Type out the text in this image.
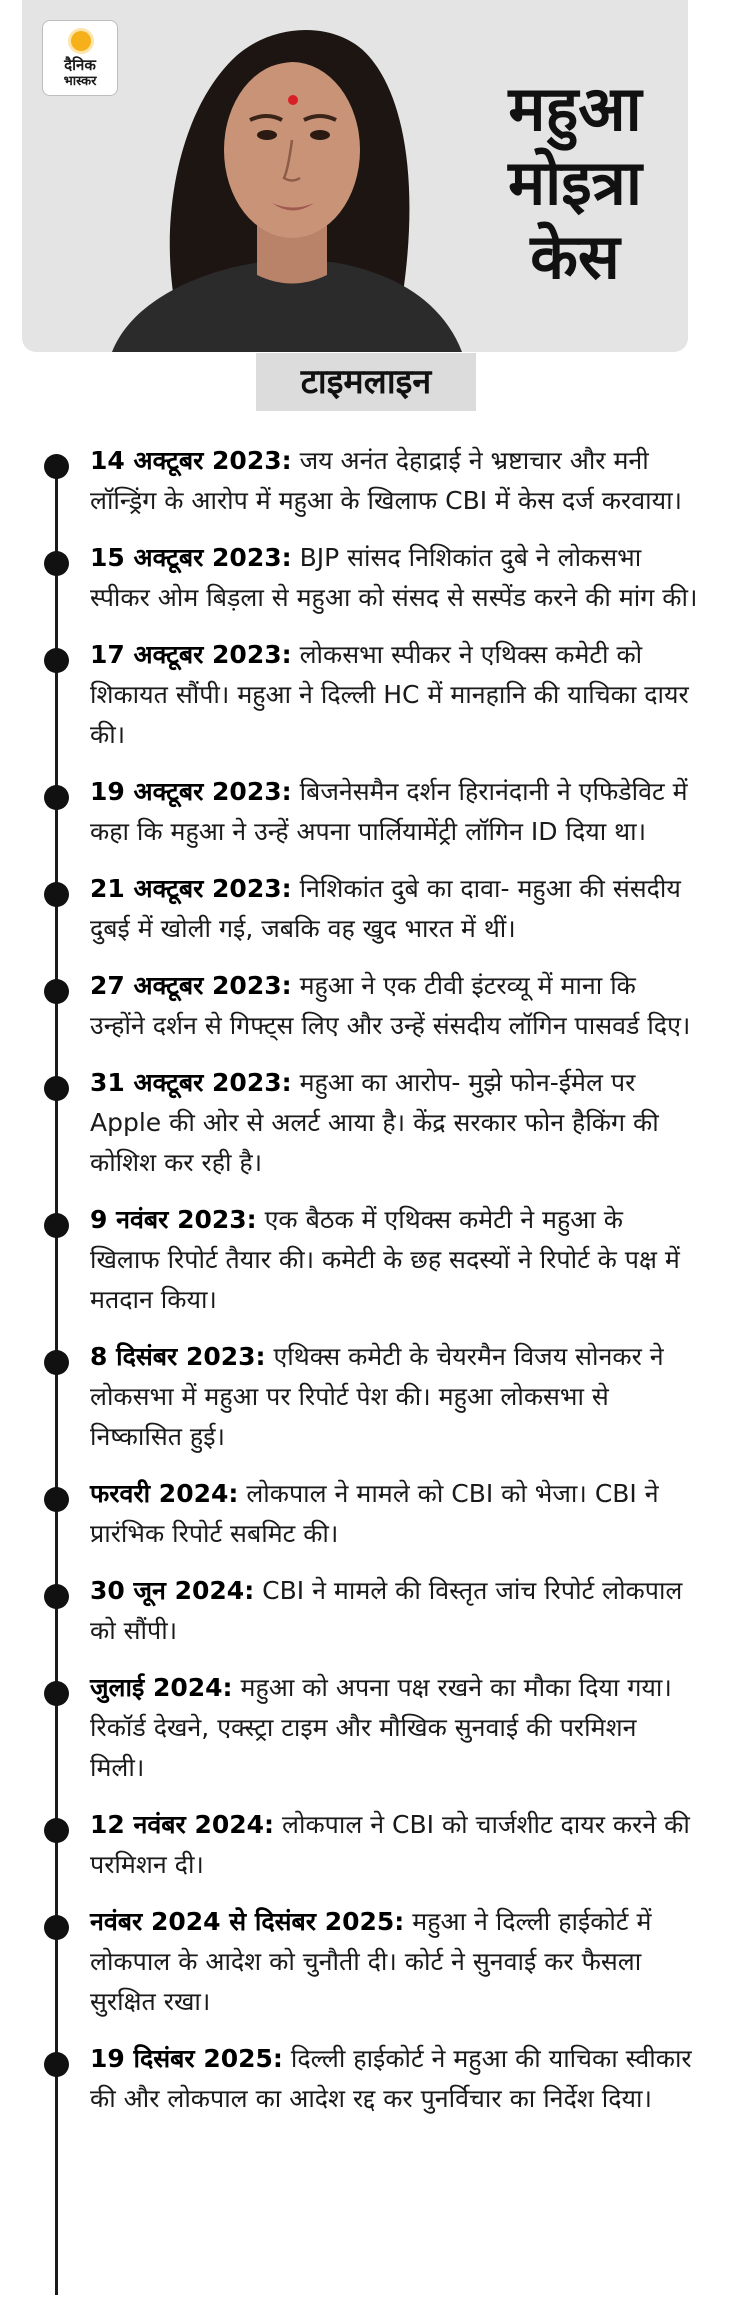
दैनिक
भास्कर	महुआ
मोइत्रा
केस
टाइमलाइन
14 अक्टूबर 2023: जय अनंत देहाद्राई ने भ्रष्टाचार और मनी लॉन्ड्रिंग के आरोप में महुआ के खिलाफ CBI में केस दर्ज करवाया।
15 अक्टूबर 2023: BJP सांसद निशिकांत दुबे ने लोकसभा स्पीकर ओम बिड़ला से महुआ को संसद से सस्पेंड करने की मांग की।
17 अक्टूबर 2023: लोकसभा स्पीकर ने एथिक्स कमेटी को शिकायत सौंपी। महुआ ने दिल्ली HC में मानहानि की याचिका दायर की।
19 अक्टूबर 2023: बिजनेसमैन दर्शन हिरानंदानी ने एफिडेविट में कहा कि महुआ ने उन्हें अपना पार्लियामेंट्री लॉगिन ID दिया था।
21 अक्टूबर 2023: निशिकांत दुबे का दावा- महुआ की संसदीय दुबई में खोली गई, जबकि वह खुद भारत में थीं।
27 अक्टूबर 2023: महुआ ने एक टीवी इंटरव्यू में माना कि उन्होंने दर्शन से गिफ्ट्स लिए और उन्हें संसदीय लॉगिन पासवर्ड दिए।
31 अक्टूबर 2023: महुआ का आरोप- मुझे फोन-ईमेल पर Apple की ओर से अलर्ट आया है। केंद्र सरकार फोन हैकिंग की कोशिश कर रही है।
9 नवंबर 2023: एक बैठक में एथिक्स कमेटी ने महुआ के खिलाफ रिपोर्ट तैयार की। कमेटी के छह सदस्यों ने रिपोर्ट के पक्ष में मतदान किया।
8 दिसंबर 2023: एथिक्स कमेटी के चेयरमैन विजय सोनकर ने लोकसभा में महुआ पर रिपोर्ट पेश की। महुआ लोकसभा से निष्कासित हुई।
फरवरी 2024: लोकपाल ने मामले को CBI को भेजा। CBI ने प्रारंभिक रिपोर्ट सबमिट की।
30 जून 2024: CBI ने मामले की विस्तृत जांच रिपोर्ट लोकपाल को सौंपी।
जुलाई 2024: महुआ को अपना पक्ष रखने का मौका दिया गया। रिकॉर्ड देखने, एक्स्ट्रा टाइम और मौखिक सुनवाई की परमिशन मिली।
12 नवंबर 2024: लोकपाल ने CBI को चार्जशीट दायर करने की परमिशन दी।
नवंबर 2024 से दिसंबर 2025: महुआ ने दिल्ली हाईकोर्ट में लोकपाल के आदेश को चुनौती दी। कोर्ट ने सुनवाई कर फैसला सुरक्षित रखा।
19 दिसंबर 2025: दिल्ली हाईकोर्ट ने महुआ की याचिका स्वीकार की और लोकपाल का आदेश रद्द कर पुनर्विचार का निर्देश दिया।
